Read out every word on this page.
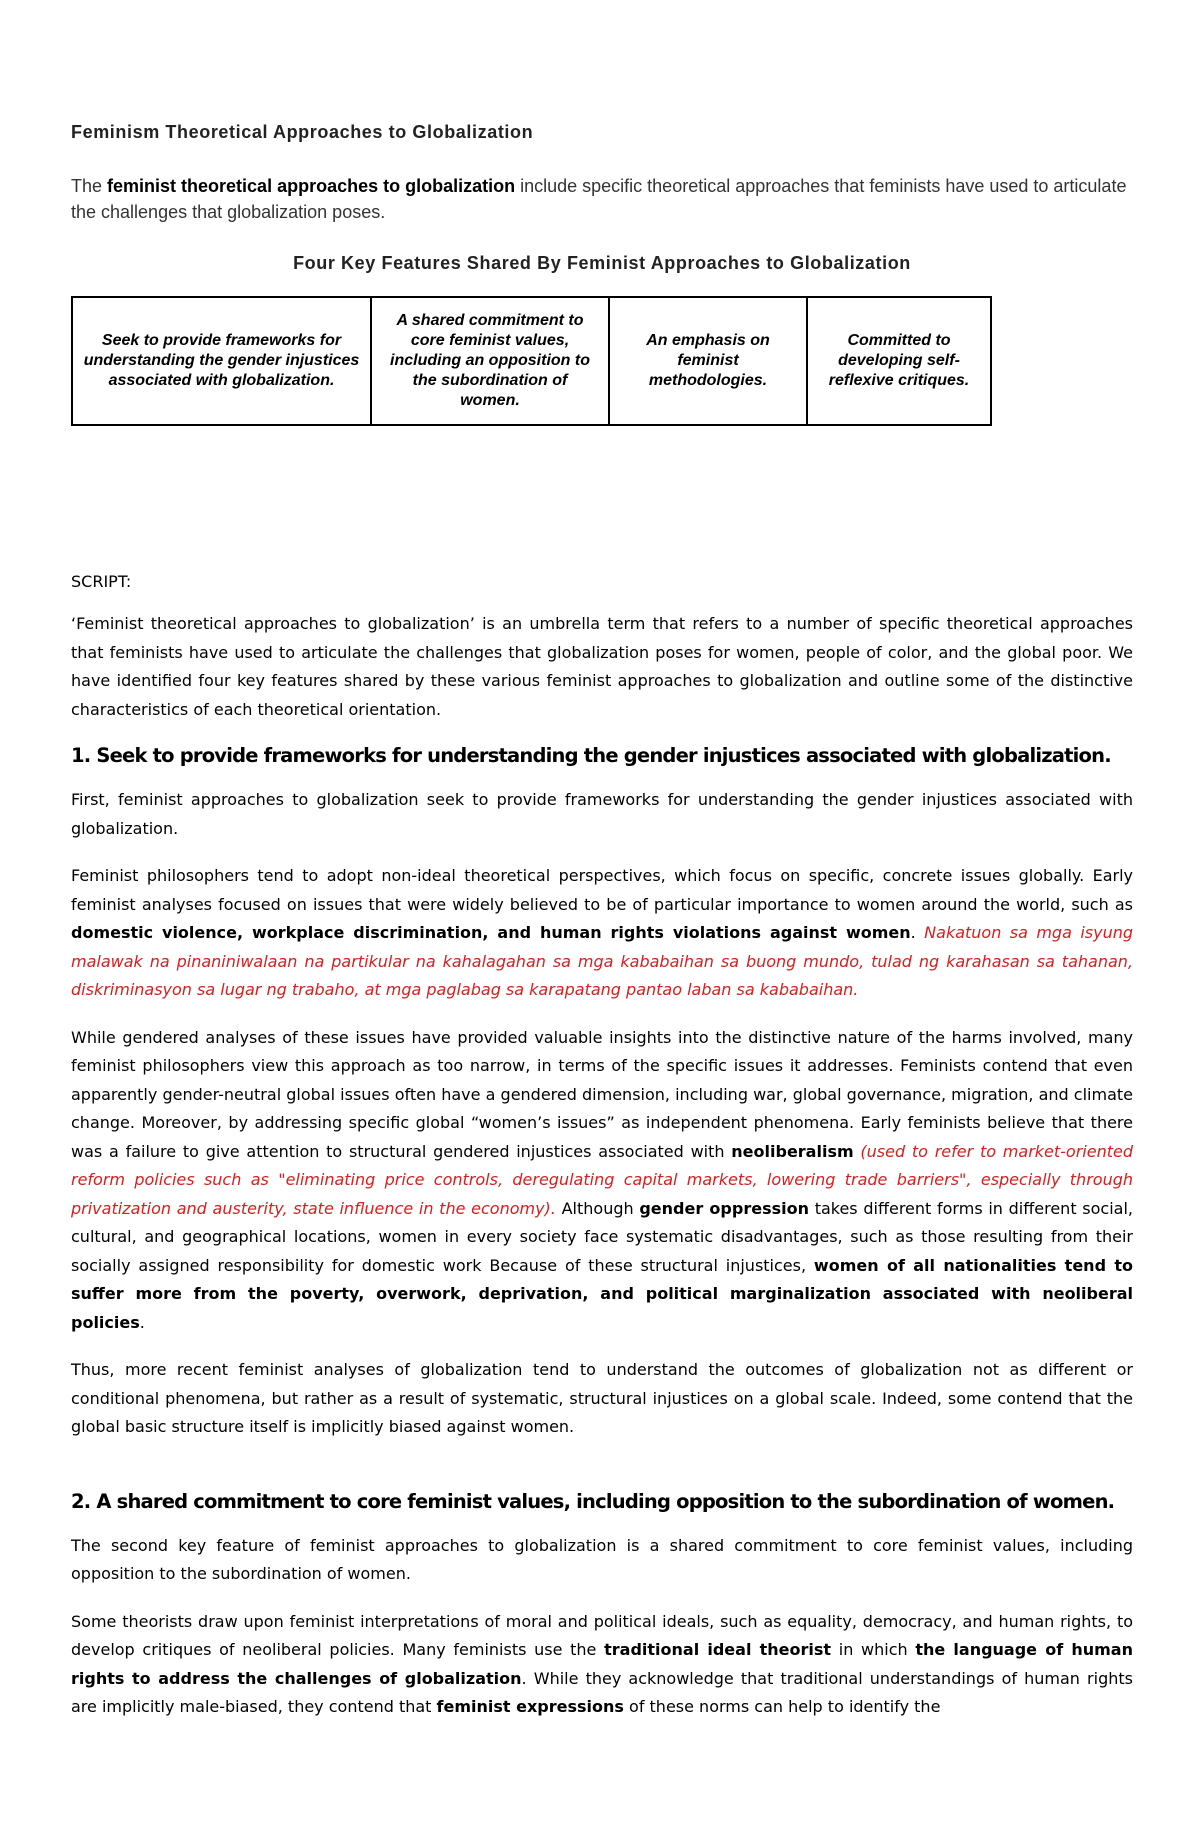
Feminism Theoretical Approaches to Globalization

The feminist theoretical approaches to globalization include specific theoretical approaches that feminists have used to articulate the challenges that globalization poses.

Four Key Features Shared By Feminist Approaches to Globalization
Seek to provide frameworks for understanding the gender injustices associated with globalization.	A shared commitment to core feminist values, including an opposition to the subordination of women.	An emphasis on feminist methodologies.	Committed to developing self-reflexive critiques.
SCRIPT:

‘Feminist theoretical approaches to globalization’ is an umbrella term that refers to a number of specific theoretical approaches that feminists have used to articulate the challenges that globalization poses for women, people of color, and the global poor. We have identified four key features shared by these various feminist approaches to globalization and outline some of the distinctive characteristics of each theoretical orientation.

1. Seek to provide frameworks for understanding the gender injustices associated with globalization.

First, feminist approaches to globalization seek to provide frameworks for understanding the gender injustices associated with globalization.

Feminist philosophers tend to adopt non-ideal theoretical perspectives, which focus on specific, concrete issues globally. Early feminist analyses focused on issues that were widely believed to be of particular importance to women around the world, such as domestic violence, workplace discrimination, and human rights violations against women. Nakatuon sa mga isyung malawak na pinaniniwalaan na partikular na kahalagahan sa mga kababaihan sa buong mundo, tulad ng karahasan sa tahanan, diskriminasyon sa lugar ng trabaho, at mga paglabag sa karapatang pantao laban sa kababaihan.

While gendered analyses of these issues have provided valuable insights into the distinctive nature of the harms involved, many feminist philosophers view this approach as too narrow, in terms of the specific issues it addresses. Feminists contend that even apparently gender-neutral global issues often have a gendered dimension, including war, global governance, migration, and climate change. Moreover, by addressing specific global “women’s issues” as independent phenomena. Early feminists believe that there was a failure to give attention to structural gendered injustices associated with neoliberalism (used to refer to market-oriented reform policies such as "eliminating price controls, deregulating capital markets, lowering trade barriers", especially through privatization and austerity, state influence in the economy). Although gender oppression takes different forms in different social, cultural, and geographical locations, women in every society face systematic disadvantages, such as those resulting from their socially assigned responsibility for domestic work Because of these structural injustices, women of all nationalities tend to suffer more from the poverty, overwork, deprivation, and political marginalization associated with neoliberal policies.

Thus, more recent feminist analyses of globalization tend to understand the outcomes of globalization not as different or conditional phenomena, but rather as a result of systematic, structural injustices on a global scale. Indeed, some contend that the global basic structure itself is implicitly biased against women.

2. A shared commitment to core feminist values, including opposition to the subordination of women.

The second key feature of feminist approaches to globalization is a shared commitment to core feminist values, including opposition to the subordination of women.

Some theorists draw upon feminist interpretations of moral and political ideals, such as equality, democracy, and human rights, to develop critiques of neoliberal policies. Many feminists use the traditional ideal theorist in which the language of human rights to address the challenges of globalization. While they acknowledge that traditional understandings of human rights are implicitly male-biased, they contend that feminist expressions of these norms can help to identify the
